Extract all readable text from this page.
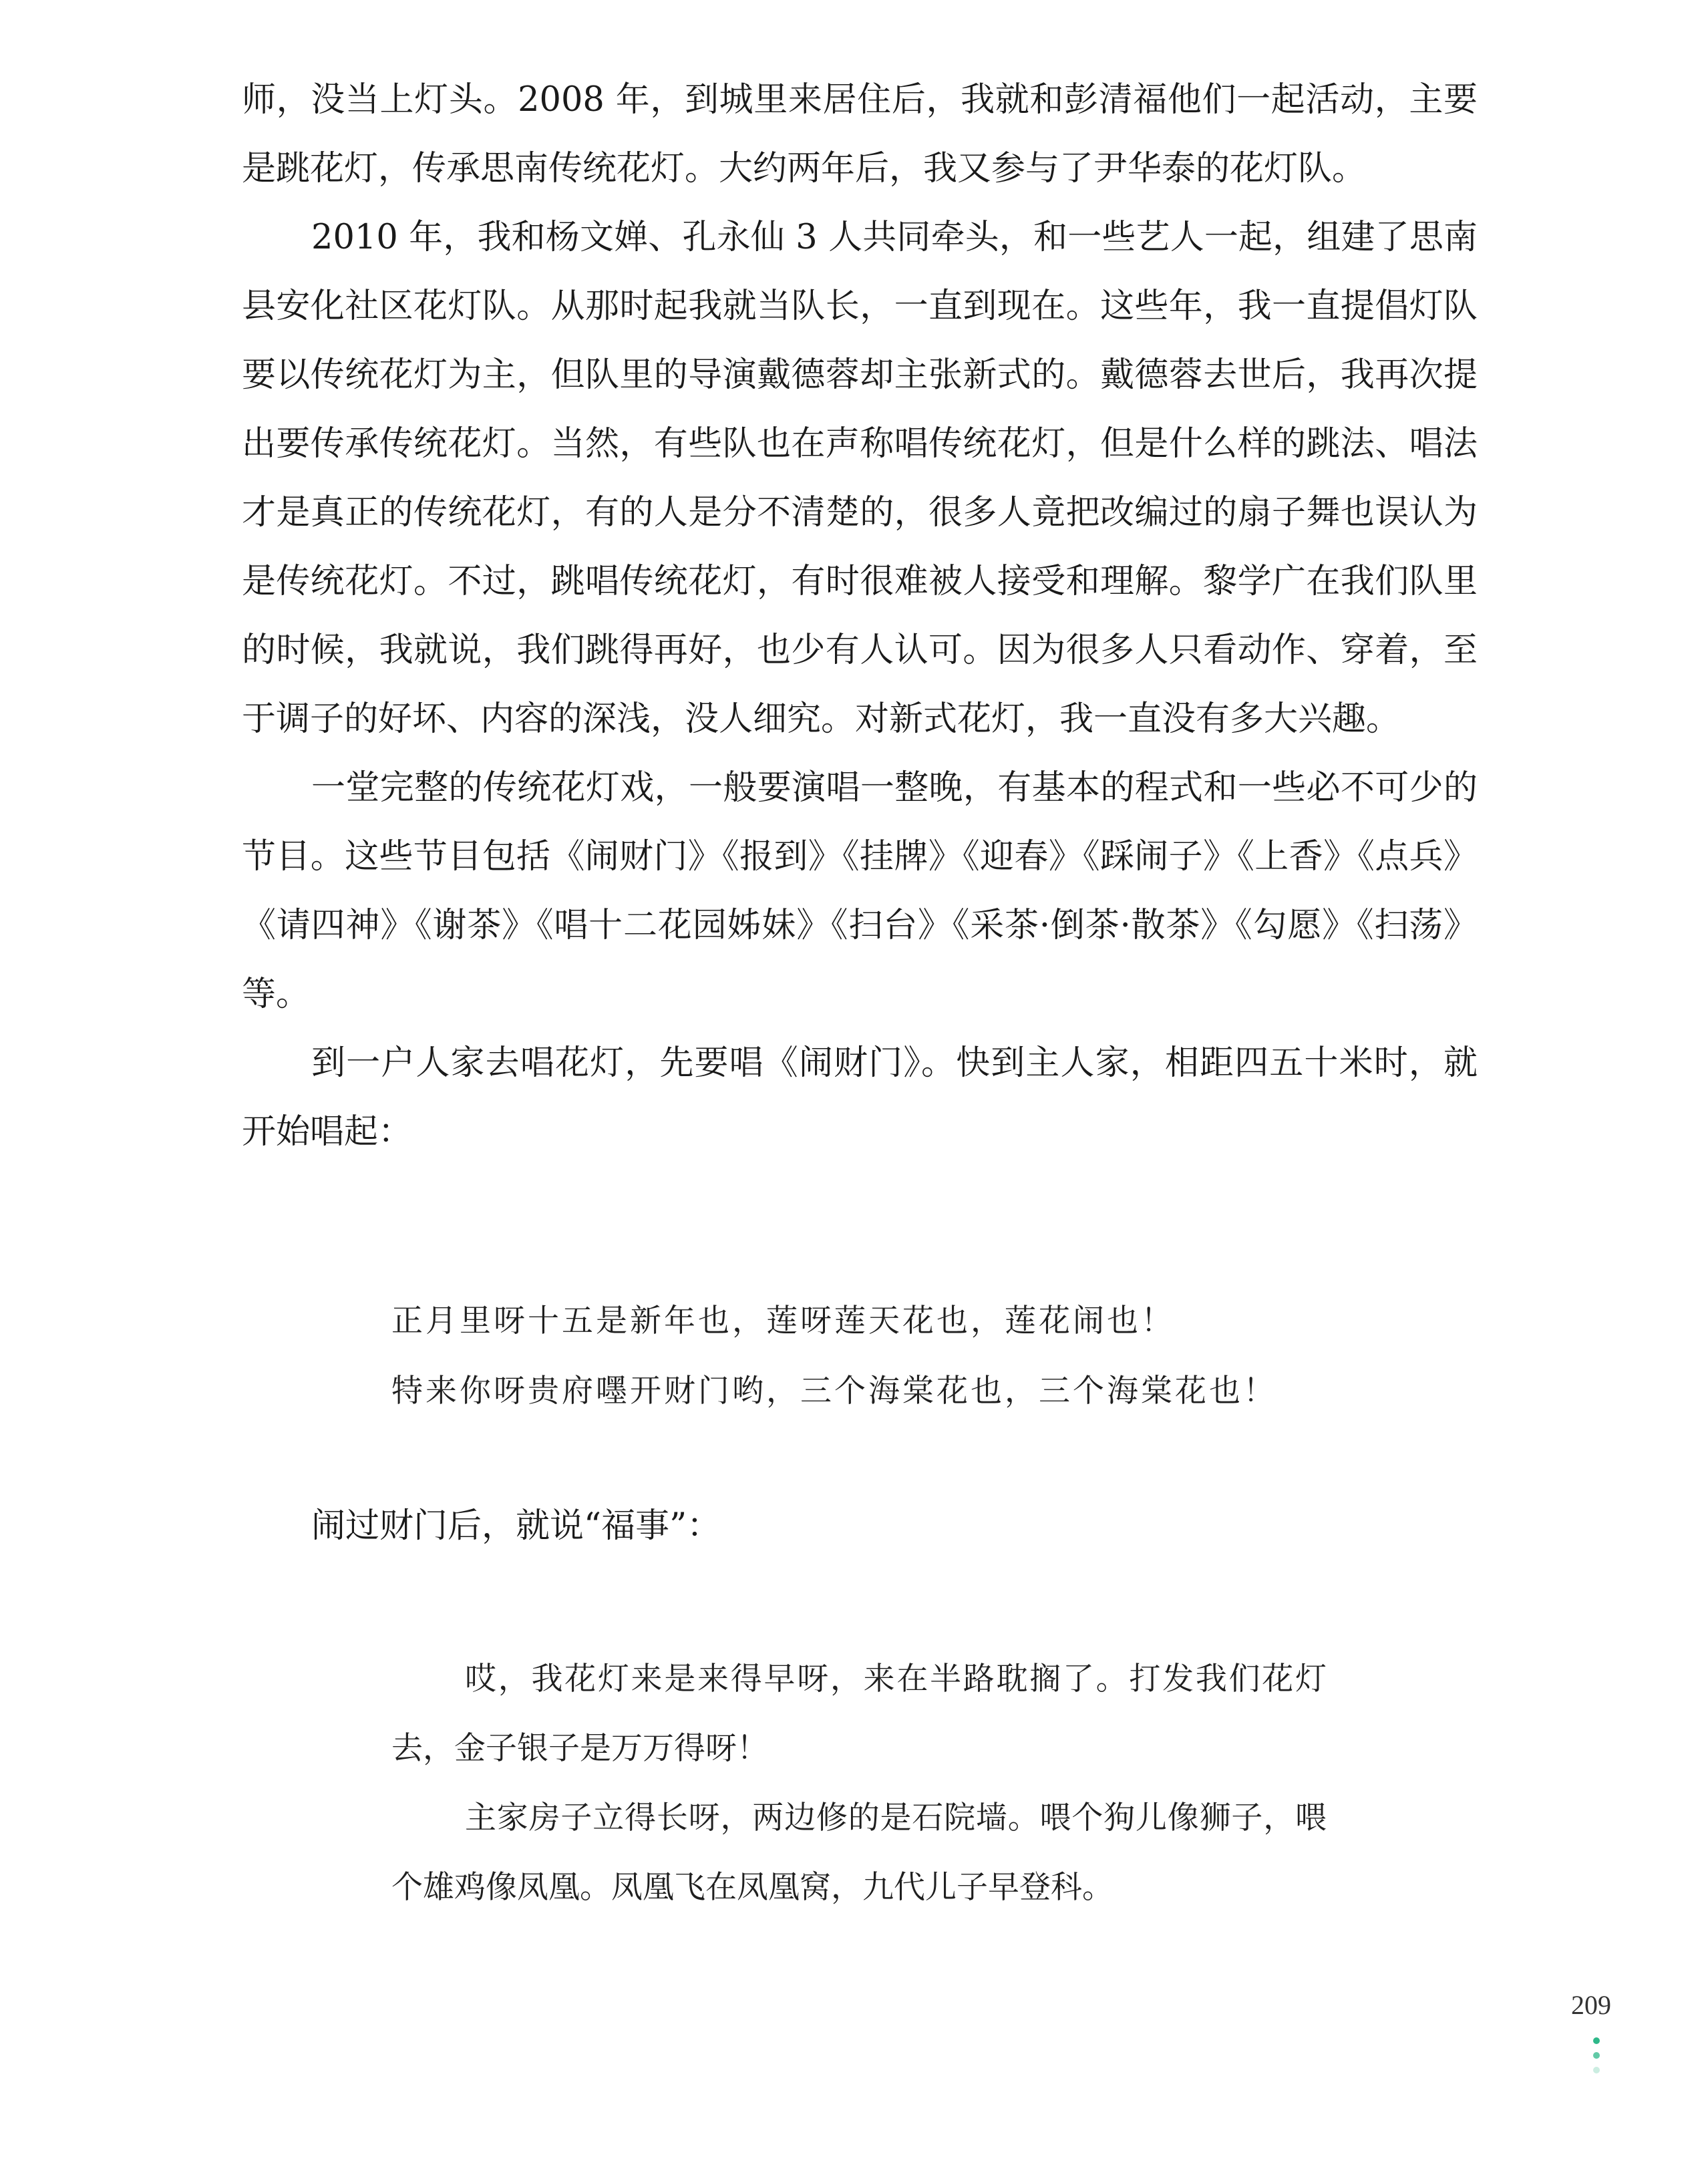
师，没当上灯头。2008 年，到城里来居住后，我就和彭清福他们一起活动，主要是跳花灯，传承思南传统花灯。大约两年后，我又参与了尹华泰的花灯队。

2010 年，我和杨文婵、孔永仙 3 人共同牵头，和一些艺人一起，组建了思南县安化社区花灯队。从那时起我就当队长，一直到现在。这些年，我一直提倡灯队要以传统花灯为主，但队里的导演戴德蓉却主张新式的。戴德蓉去世后，我再次提出要传承传统花灯。当然，有些队也在声称唱传统花灯，但是什么样的跳法、唱法才是真正的传统花灯，有的人是分不清楚的，很多人竟把改编过的扇子舞也误认为是传统花灯。不过，跳唱传统花灯，有时很难被人接受和理解。黎学广在我们队里的时候，我就说，我们跳得再好，也少有人认可。因为很多人只看动作、穿着，至于调子的好坏、内容的深浅，没人细究。对新式花灯，我一直没有多大兴趣。

一堂完整的传统花灯戏，一般要演唱一整晚，有基本的程式和一些必不可少的节目。这些节目包括《闹财门》《报到》《挂牌》《迎春》《踩闹子》《上香》《点兵》《请四神》《谢茶》《唱十二花园姊妹》《扫台》《采茶·倒茶·散茶》《勾愿》《扫荡》等。

到一户人家去唱花灯，先要唱《闹财门》。快到主人家，相距四五十米时，就开始唱起：

正月里呀十五是新年也，莲呀莲天花也，莲花闹也！
特来你呀贵府嚜开财门哟，三个海棠花也，三个海棠花也！
闹过财门后，就说“福事”：

哎，我花灯来是来得早呀，来在半路耽搁了。打发我们花灯去，金子银子是万万得呀！

主家房子立得长呀，两边修的是石院墙。喂个狗儿像狮子，喂个雄鸡像凤凰。凤凰飞在凤凰窝，九代儿子早登科。

209
